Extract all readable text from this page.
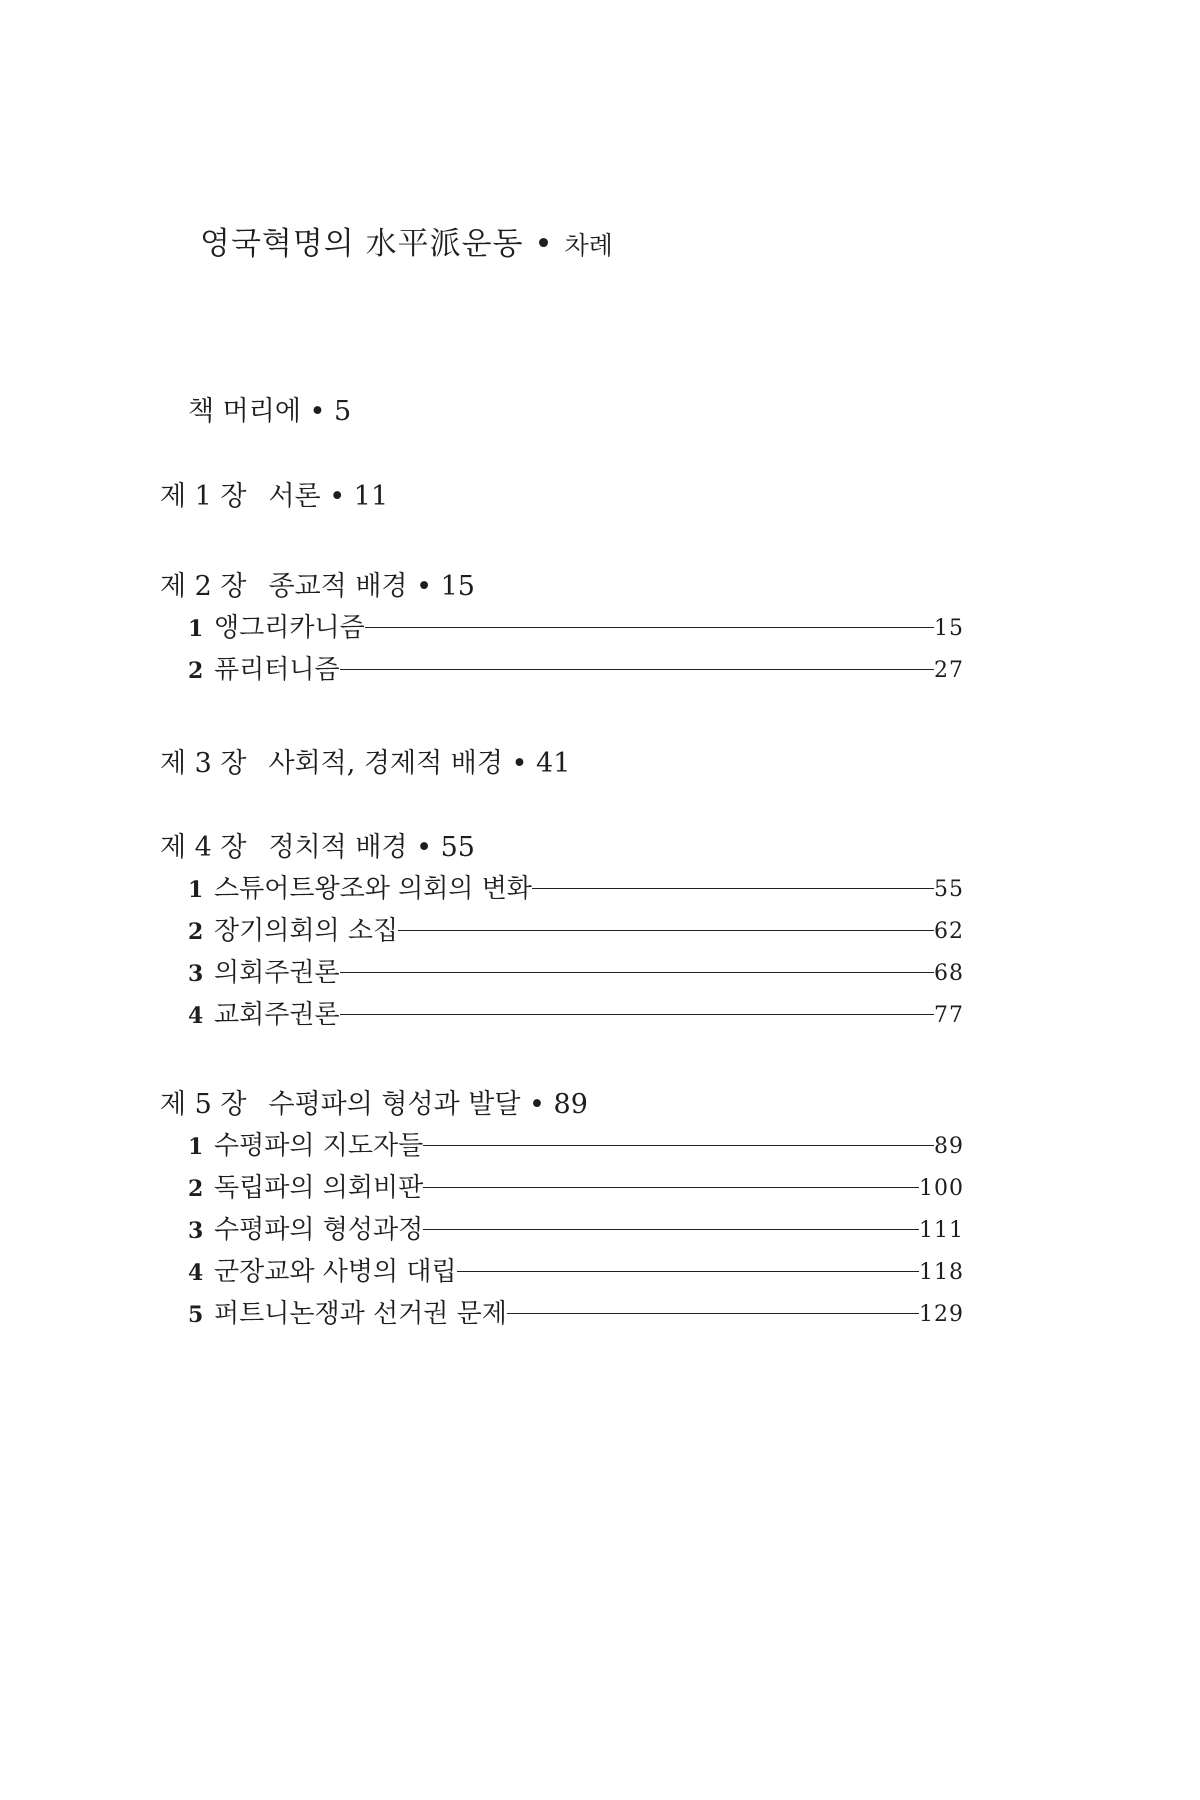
영국혁명의 水平派운동 • 차례
책 머리에 • 5
제 1 장 서론 • 11
제 2 장 종교적 배경 • 15
1 앵그리카니즘	15
2 퓨리터니즘	27
제 3 장 사회적, 경제적 배경 • 41
제 4 장 정치적 배경 • 55
1 스튜어트왕조와 의회의 변화	55
2 장기의회의 소집	62
3 의회주권론	68
4 교회주권론	77
제 5 장 수평파의 형성과 발달 • 89
1 수평파의 지도자들	89
2 독립파의 의회비판	100
3 수평파의 형성과정	111
4 군장교와 사병의 대립	118
5 퍼트니논쟁과 선거권 문제	129
